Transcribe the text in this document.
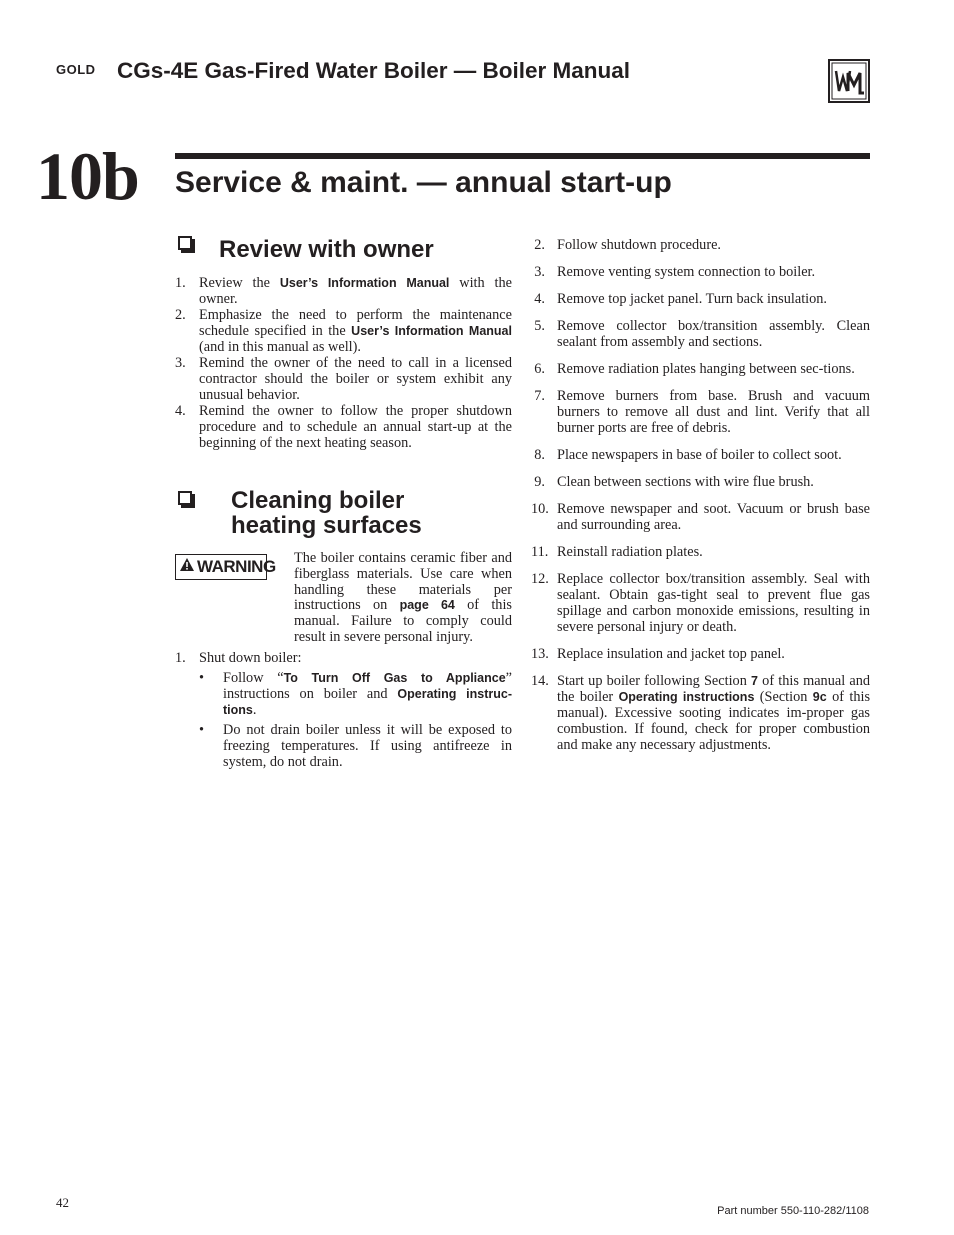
GOLD CGs-4E Gas-Fired Water Boiler — Boiler Manual
10b Service & maint. — annual start-up
Review with owner
1. Review the User’s Information Manual with the owner.
2. Emphasize the need to perform the maintenance schedule specified in the User’s Information Manual (and in this manual as well).
3. Remind the owner of the need to call in a licensed contractor should the boiler or system exhibit any unusual behavior.
4. Remind the owner to follow the proper shutdown procedure and to schedule an annual start-up at the beginning of the next heating season.
Cleaning boiler
heating surfaces
WARNING The boiler contains ceramic fiber and fiberglass materials. Use care when handling these materials per instructions on page 64 of this manual. Failure to comply could result in severe personal injury.
1. Shut down boiler:
• Follow “To Turn Off Gas to Appliance” instructions on boiler and Operating instruc-tions.
• Do not drain boiler unless it will be exposed to freezing temperatures. If using antifreeze in system, do not drain.
2. Follow shutdown procedure.
3. Remove venting system connection to boiler.
4. Remove top jacket panel. Turn back insulation.
5. Remove collector box/transition assembly. Clean sealant from assembly and sections.
6. Remove radiation plates hanging between sec-tions.
7. Remove burners from base. Brush and vacuum burners to remove all dust and lint. Verify that all burner ports are free of debris.
8. Place newspapers in base of boiler to collect soot.
9. Clean between sections with wire flue brush.
10. Remove newspaper and soot. Vacuum or brush base and surrounding area.
11. Reinstall radiation plates.
12. Replace collector box/transition assembly. Seal with sealant. Obtain gas-tight seal to prevent flue gas spillage and carbon monoxide emissions, resulting in severe personal injury or death.
13. Replace insulation and jacket top panel.
14. Start up boiler following Section 7 of this manual and the boiler Operating instructions (Section 9c of this manual). Excessive sooting indicates im-proper gas combustion. If found, check for proper combustion and make any necessary adjustments.
42
Part number 550-110-282/1108
